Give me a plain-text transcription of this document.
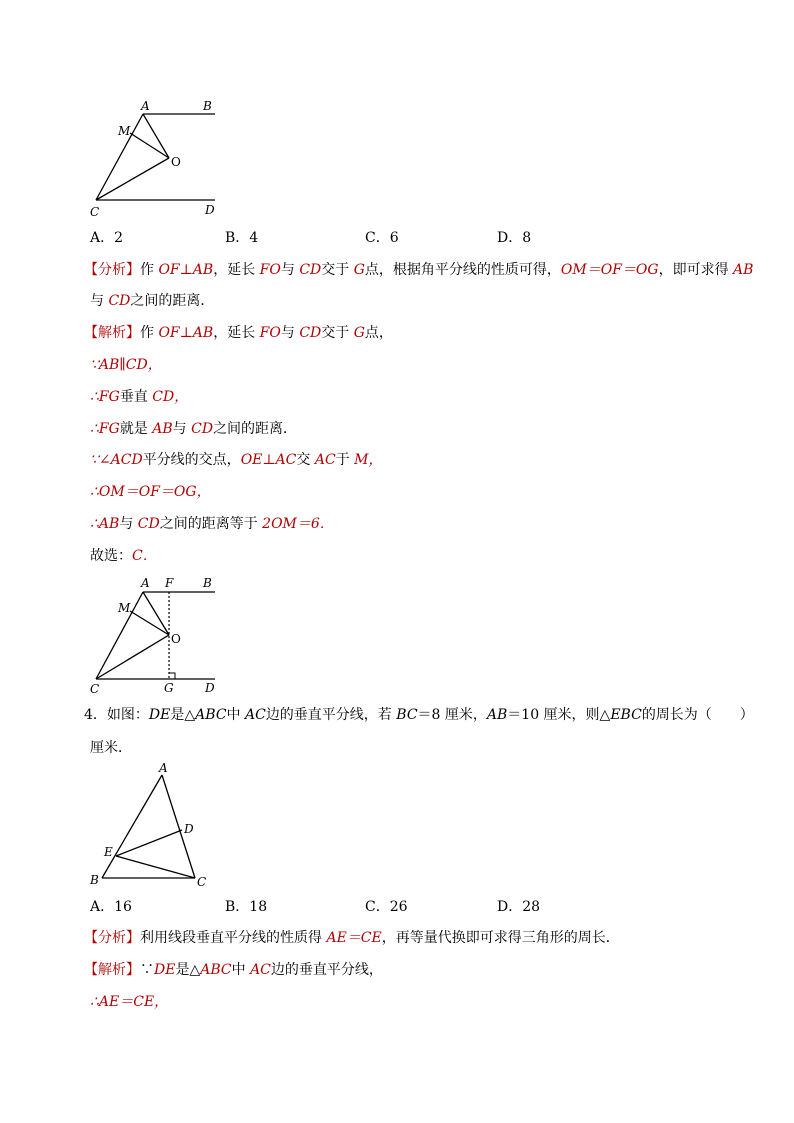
A	B
M
O
C	D
A．2	B．4	C．6	D．8
【分析】作 OF⊥AB，延长 FO与 CD交于 G点，根据角平分线的性质可得，OM＝OF＝OG，即可求得 AB
与 CD之间的距离．
【解析】作 OF⊥AB，延长 FO与 CD交于 G点，
∵AB∥CD，
∴FG垂直 CD，
∴FG就是 AB与 CD之间的距离．
∵∠ACD平分线的交点，OE⊥AC交 AC于 M，
∴OM＝OF＝OG，
∴AB与 CD之间的距离等于 2OM＝6．
故选：C．
A F B
M
O
C	G	D
4．如图：DE是△ABC中 AC边的垂直平分线，若 BC＝8 厘米，AB＝10 厘米，则△EBC的周长为（　　）
厘米．
A
D
E
B	C
A．16	B．18	C．26	D．28
【分析】利用线段垂直平分线的性质得 AE＝CE，再等量代换即可求得三角形的周长．
【解析】∵DE是△ABC中 AC边的垂直平分线，
∴AE＝CE，
